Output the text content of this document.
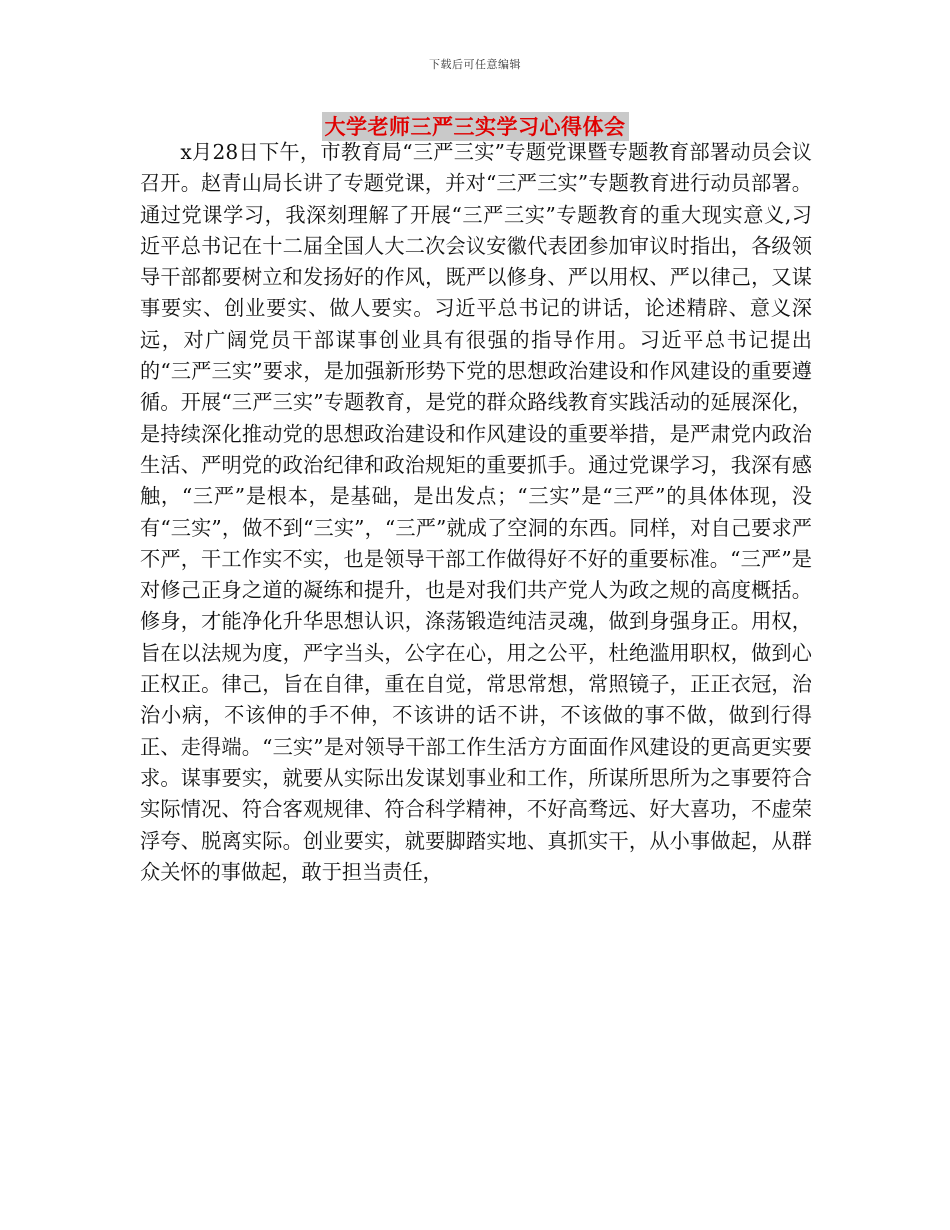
下载后可任意编辑
大学老师三严三实学习心得体会

x月28日下午，市教育局“三严三实”专题党课暨专题教育部署动员会议召开。赵青山局长讲了专题党课，并对“三严三实”专题教育进行动员部署。通过党课学习，我深刻理解了开展“三严三实”专题教育的重大现实意义,习近平总书记在十二届全国人大二次会议安徽代表团参加审议时指出，各级领导干部都要树立和发扬好的作风，既严以修身、严以用权、严以律己，又谋事要实、创业要实、做人要实。习近平总书记的讲话，论述精辟、意义深远，对广阔党员干部谋事创业具有很强的指导作用。习近平总书记提出的“三严三实”要求，是加强新形势下党的思想政治建设和作风建设的重要遵循。开展“三严三实”专题教育，是党的群众路线教育实践活动的延展深化，是持续深化推动党的思想政治建设和作风建设的重要举措，是严肃党内政治生活、严明党的政治纪律和政治规矩的重要抓手。通过党课学习，我深有感触，“三严”是根本，是基础，是出发点；“三实”是“三严”的具体体现，没有“三实”，做不到“三实”，“三严”就成了空洞的东西。同样，对自己要求严不严，干工作实不实，也是领导干部工作做得好不好的重要标准。“三严”是对修己正身之道的凝练和提升，也是对我们共产党人为政之规的高度概括。修身，才能净化升华思想认识，涤荡锻造纯洁灵魂，做到身强身正。用权，旨在以法规为度，严字当头，公字在心，用之公平，杜绝滥用职权，做到心正权正。律己，旨在自律，重在自觉，常思常想，常照镜子，正正衣冠，治治小病，不该伸的手不伸，不该讲的话不讲，不该做的事不做，做到行得正、走得端。“三实”是对领导干部工作生活方方面面作风建设的更高更实要求。谋事要实，就要从实际出发谋划事业和工作，所谋所思所为之事要符合实际情况、符合客观规律、符合科学精神，不好高骛远、好大喜功，不虚荣浮夸、脱离实际。创业要实，就要脚踏实地、真抓实干，从小事做起，从群众关怀的事做起，敢于担当责任，
